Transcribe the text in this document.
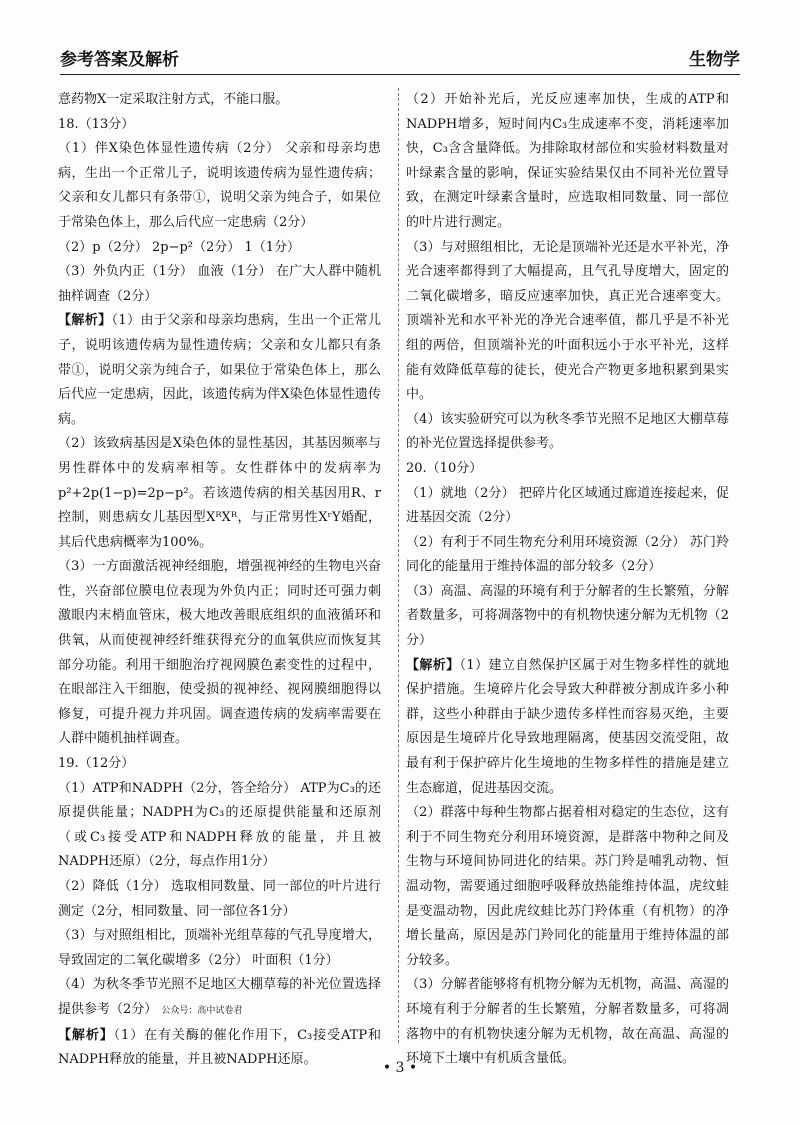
参考答案及解析	生物学

意药物X一定采取注射方式，不能口服。

18.（13分）

（1）伴X染色体显性遗传病（2分） 父亲和母亲均患病，生出一个正常儿子，说明该遗传病为显性遗传病；父亲和女儿都只有条带①，说明父亲为纯合子，如果位于常染色体上，那么后代应一定患病（2分）

（2）p（2分） 2p−p²（2分） 1（1分）

（3）外负内正（1分） 血液（1分） 在广大人群中随机抽样调查（2分）

【解析】（1）由于父亲和母亲均患病，生出一个正常儿子，说明该遗传病为显性遗传病；父亲和女儿都只有条带①，说明父亲为纯合子，如果位于常染色体上，那么后代应一定患病，因此，该遗传病为伴X染色体显性遗传病。

（2）该致病基因是X染色体的显性基因，其基因频率与男性群体中的发病率相等。女性群体中的发病率为p²+2p(1−p)=2p−p²。若该遗传病的相关基因用R、r控制，则患病女儿基因型XᴿXᴿ，与正常男性XʳY婚配，其后代患病概率为100%。

（3）一方面激活视神经细胞，增强视神经的生物电兴奋性，兴奋部位膜电位表现为外负内正；同时还可强力刺激眼内末梢血管床，极大地改善眼底组织的血液循环和供氧，从而使视神经纤维获得充分的血氧供应而恢复其部分功能。利用干细胞治疗视网膜色素变性的过程中，在眼部注入干细胞，使受损的视神经、视网膜细胞得以修复，可提升视力并巩固。调查遗传病的发病率需要在人群中随机抽样调查。

19.（12分）

（1）ATP和NADPH（2分，答全给分） ATP为C₃的还原提供能量；NADPH为C₃的还原提供能量和还原剂（或C₃接受ATP和NADPH释放的能量，并且被NADPH还原）（2分，每点作用1分）

（2）降低（1分） 选取相同数量、同一部位的叶片进行测定（2分，相同数量、同一部位各1分）

（3）与对照组相比，顶端补光组草莓的气孔导度增大，导致固定的二氧化碳增多（2分） 叶面积（1分）

（4）为秋冬季节光照不足地区大棚草莓的补光位置选择提供参考（2分） 公众号：高中试卷君

【解析】（1）在有关酶的催化作用下，C₃接受ATP和NADPH释放的能量，并且被NADPH还原。

（2）开始补光后，光反应速率加快，生成的ATP和NADPH增多，短时间内C₃生成速率不变，消耗速率加快，C₃含含量降低。为排除取材部位和实验材料数量对叶绿素含量的影响，保证实验结果仅由不同补光位置导致，在测定叶绿素含量时，应选取相同数量、同一部位的叶片进行测定。

（3）与对照组相比，无论是顶端补光还是水平补光，净光合速率都得到了大幅提高，且气孔导度增大，固定的二氧化碳增多，暗反应速率加快，真正光合速率变大。顶端补光和水平补光的净光合速率值，都几乎是不补光组的两倍，但顶端补光的叶面积远小于水平补光，这样能有效降低草莓的徒长，使光合产物更多地积累到果实中。

（4）该实验研究可以为秋冬季节光照不足地区大棚草莓的补光位置选择提供参考。

20.（10分）

（1）就地（2分） 把碎片化区域通过廊道连接起来，促进基因交流（2分）

（2）有利于不同生物充分利用环境资源（2分） 苏门羚同化的能量用于维持体温的部分较多（2分）

（3）高温、高湿的环境有利于分解者的生长繁殖，分解者数量多，可将凋落物中的有机物快速分解为无机物（2分）

【解析】（1）建立自然保护区属于对生物多样性的就地保护措施。生境碎片化会导致大种群被分割成许多小种群，这些小种群由于缺少遗传多样性而容易灭绝，主要原因是生境碎片化导致地理隔离，使基因交流受阻，故最有利于保护碎片化生境地的生物多样性的措施是建立生态廊道，促进基因交流。

（2）群落中每种生物都占据着相对稳定的生态位，这有利于不同生物充分利用环境资源，是群落中物种之间及生物与环境间协同进化的结果。苏门羚是哺乳动物、恒温动物，需要通过细胞呼吸释放热能维持体温，虎纹蛙是变温动物，因此虎纹蛙比苏门羚体重（有机物）的净增长量高，原因是苏门羚同化的能量用于维持体温的部分较多。

（3）分解者能够将有机物分解为无机物，高温、高湿的环境有利于分解者的生长繁殖，分解者数量多，可将凋落物中的有机物快速分解为无机物，故在高温、高湿的环境下土壤中有机质含量低。

• 3 •
